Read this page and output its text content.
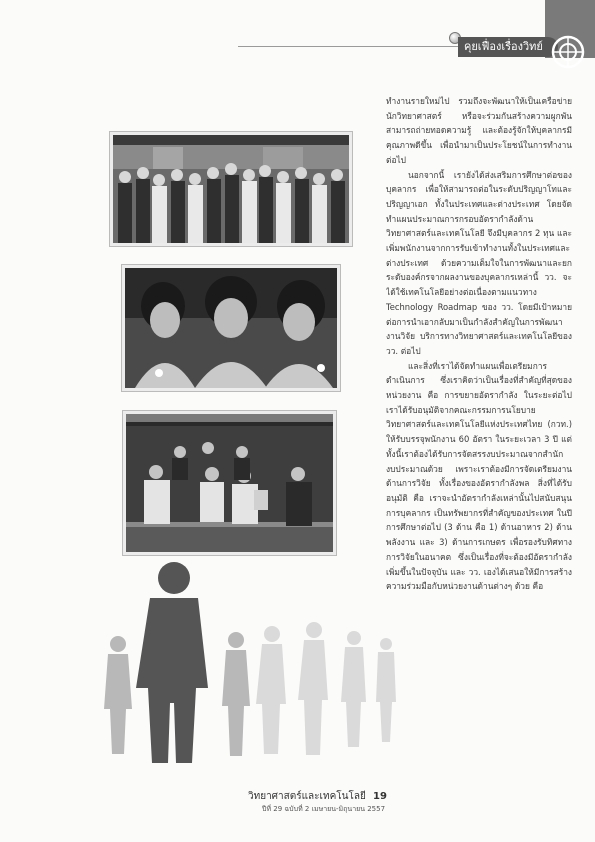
คุยเฟื่องเรื่องวิทย์

ทำงานรายใหม่ไป รวมถึงจะพัฒนาให้เป็นเครือข่ายนักวิทยาศาสตร์ หรือจะร่วมกันสร้างความผูกพัน สามารถถ่ายทอดความรู้ และต้องรู้จักให้บุคลากรมีคุณภาพดีขึ้น เพื่อนำมาเป็นประโยชน์ในการทำงานต่อไป

นอกจากนี้ เรายังได้ส่งเสริมการศึกษาต่อของบุคลากร เพื่อให้สามารถต่อในระดับปริญญาโทและปริญญาเอก ทั้งในประเทศและต่างประเทศ โดยจัดทำแผนประมาณการกรอบอัตรากำลังด้านวิทยาศาสตร์และเทคโนโลยี จึงมีบุคลากร 2 ทุน และเพิ่มพนักงานจากการรับเข้าทำงานทั้งในประเทศและต่างประเทศ ด้วยความเต็มใจในการพัฒนาและยกระดับองค์กรจากผลงานของบุคลากรเหล่านี้ วว. จะได้ใช้เทคโนโลยีอย่างต่อเนื่องตามแนวทาง Technology Roadmap ของ วว. โดยมีเป้าหมายต่อการนำเอากลับมาเป็นกำลังสำคัญในการพัฒนางานวิจัย บริการทางวิทยาศาสตร์และเทคโนโลยีของ วว. ต่อไป

และสิ่งที่เราได้จัดทำแผนเพื่อเตรียมการ ดำเนินการ ซึ่งเราคิดว่าเป็นเรื่องที่สำคัญที่สุดของหน่วยงาน คือ การขยายอัตรากำลัง ในระยะต่อไป เราได้รับอนุมัติจากคณะกรรมการนโยบายวิทยาศาสตร์และเทคโนโลยีแห่งประเทศไทย (กวท.) ให้รับบรรจุพนักงาน 60 อัตรา ในระยะเวลา 3 ปี แต่ทั้งนี้เราต้องได้รับการจัดสรรงบประมาณจากสำนักงบประมาณด้วย เพราะเราต้องมีการจัดเตรียมงานด้านการวิจัย ทั้งเรื่องของอัตรากำลังพล สิ่งที่ได้รับอนุมัติ คือ เราจะนำอัตรากำลังเหล่านั้นไปสนับสนุนการบุคลากร เป็นทรัพยากรที่สำคัญของประเทศ ในปีการศึกษาต่อไป (3 ด้าน คือ 1) ด้านอาหาร 2) ด้านพลังงาน และ 3) ด้านการเกษตร เพื่อรองรับทิศทางการวิจัยในอนาคต ซึ่งเป็นเรื่องที่จะต้องมีอัตรากำลังเพิ่มขึ้นในปัจจุบัน และ วว. เองได้เสนอให้มีการสร้างความร่วมมือกับหน่วยงานด้านต่างๆ ด้วย คือ

วิทยาศาสตร์และเทคโนโลยี 19
ปีที่ 29 ฉบับที่ 2 เมษายน-มิถุนายน 2557
